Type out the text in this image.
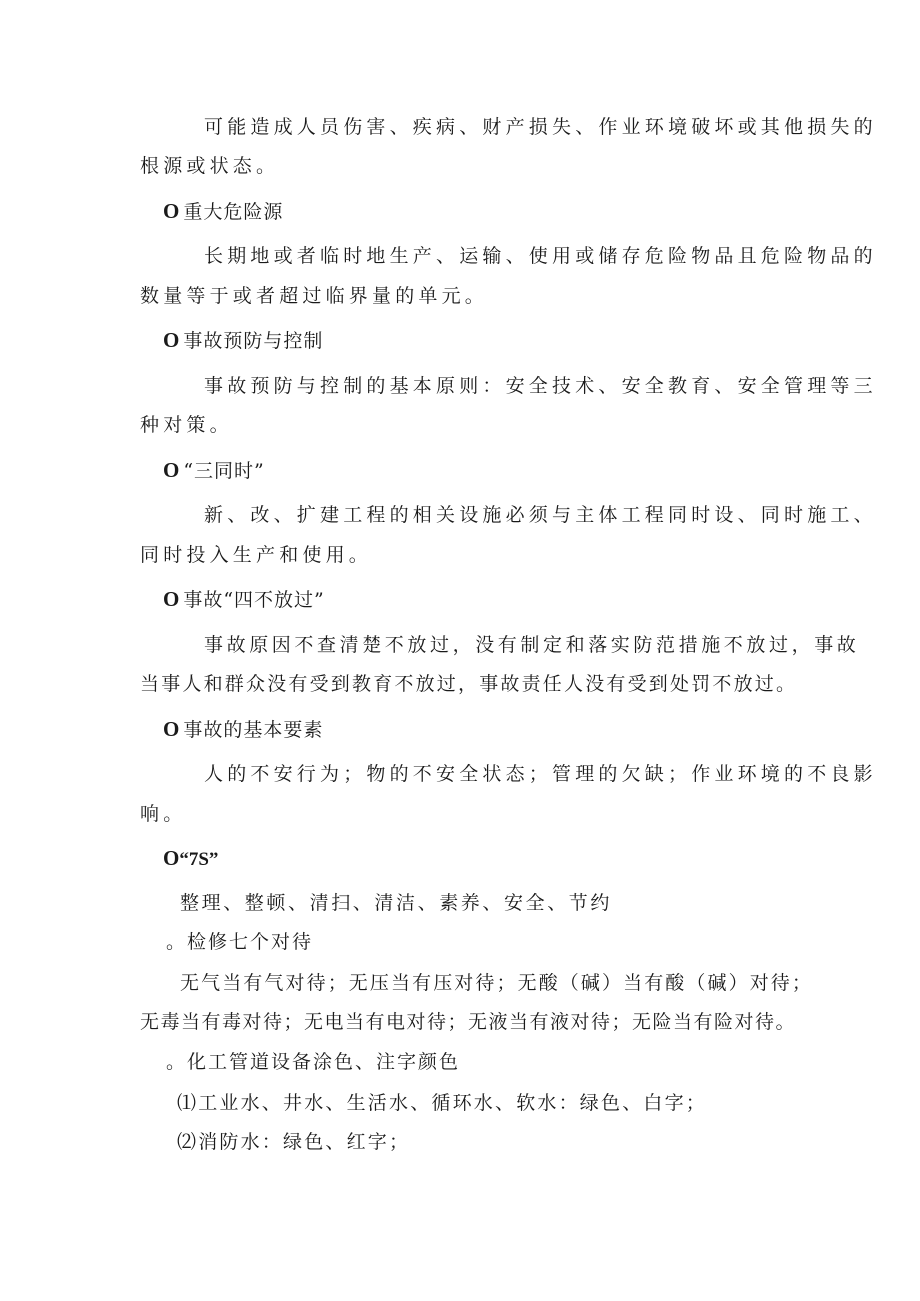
可能造成人员伤害、疾病、财产损失、作业环境破坏或其他损失的
根源或状态。
O 重大危险源
长期地或者临时地生产、运输、使用或储存危险物品且危险物品的
数量等于或者超过临界量的单元。
O 事故预防与控制
事故预防与控制的基本原则：安全技术、安全教育、安全管理等三
种对策。
O “三同时”
新、改、扩建工程的相关设施必须与主体工程同时设、同时施工、
同时投入生产和使用。
O 事故“四不放过”
事故原因不查清楚不放过，没有制定和落实防范措施不放过，事故
当事人和群众没有受到教育不放过，事故责任人没有受到处罚不放过。
O 事故的基本要素
人的不安行为；物的不安全状态；管理的欠缺；作业环境的不良影
响。
O“7S”
整理、整顿、清扫、清洁、素养、安全、节约
。检修七个对待
无气当有气对待；无压当有压对待；无酸（碱）当有酸（碱）对待；
无毒当有毒对待；无电当有电对待；无液当有液对待；无险当有险对待。
。化工管道设备涂色、注字颜色
⑴工业水、井水、生活水、循环水、软水：绿色、白字；
⑵消防水：绿色、红字；
